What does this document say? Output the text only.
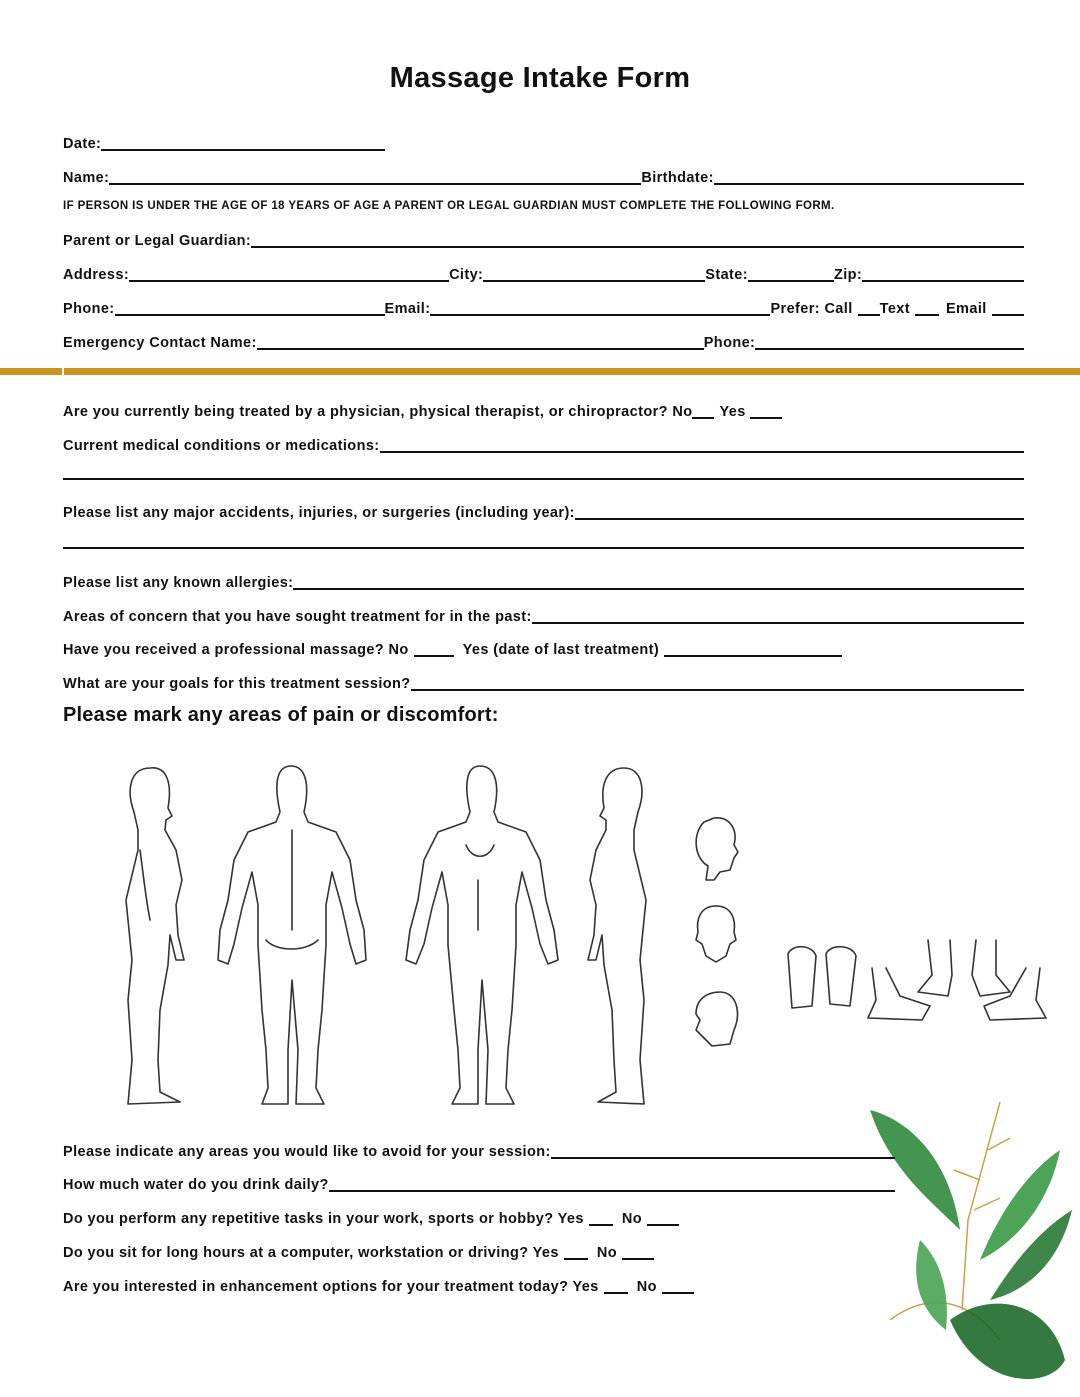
Massage Intake Form
Date:
Name:	Birthdate:
IF PERSON IS UNDER THE AGE OF 18 YEARS OF AGE A PARENT OR LEGAL GUARDIAN MUST COMPLETE THE FOLLOWING FORM.
Parent or Legal Guardian:
Address:	City:	State:	Zip:
Phone:	Email:	Prefer: Call Text Email
Emergency Contact Name:	Phone:
Are you currently being treated by a physician, physical therapist, or chiropractor? No Yes
Current medical conditions or medications:
Please list any major accidents, injuries, or surgeries (including year):
Please list any known allergies:
Areas of concern that you have sought treatment for in the past:
Have you received a professional massage? No	Yes (date of last treatment)
What are your goals for this treatment session?
Please mark any areas of pain or discomfort:
Please indicate any areas you would like to avoid for your session:
How much water do you drink daily?
Do you perform any repetitive tasks in your work, sports or hobby? Yes	No
Do you sit for long hours at a computer, workstation or driving? Yes	No
Are you interested in enhancement options for your treatment today? Yes	No
